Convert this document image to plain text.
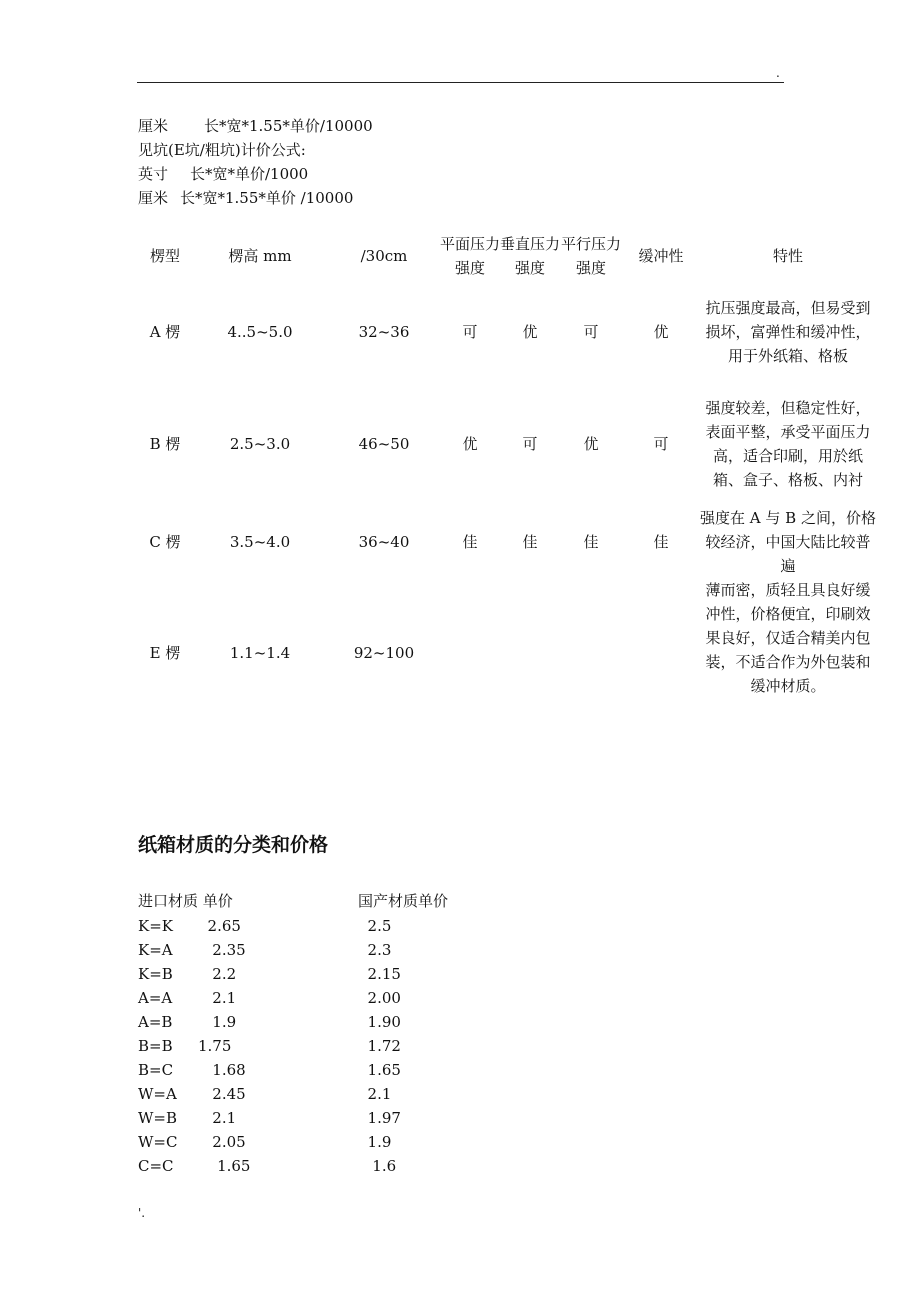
.
厘米 长*宽*1.55*单价/10000
见坑(E坑/粗坑)计价公式:
英寸 长*宽*单价/1000
厘米 长*宽*1.55*单价 /10000
楞型	楞高 mm	/30cm	平面压力强度	垂直压力强度	平行压力强度	缓冲性	特性
A 楞	4..5~5.0	32~36	可	优	可	优	抗压强度最高，但易受到损坏，富弹性和缓冲性，用于外纸箱、格板
B 楞	2.5~3.0	46~50	优	可	优	可	强度较差，但稳定性好，表面平整，承受平面压力高，适合印刷，用於纸箱、盒子、格板、内衬
C 楞	3.5~4.0	36~40	佳	佳	佳	佳	强度在 A 与 B 之间，价格较经济，中国大陆比较普遍
E 楞	1.1~1.4	92~100					薄而密，质轻且具良好缓冲性，价格便宜，印刷效果良好，仅适合精美内包装，不适合作为外包装和缓冲材质。
纸箱材质的分类和价格
进口材质 单价		国产材质单价
K=K	2.65	2.5
K=A	2.35	2.3
K=B	2.2	2.15
A=A	2.1	2.00
A=B	1.9	1.90
B=B	1.75	1.72
B=C	1.68	1.65
W=A	2.45	2.1
W=B	2.1	1.97
W=C	2.05	1.9
C=C	1.65	1.6
'.
